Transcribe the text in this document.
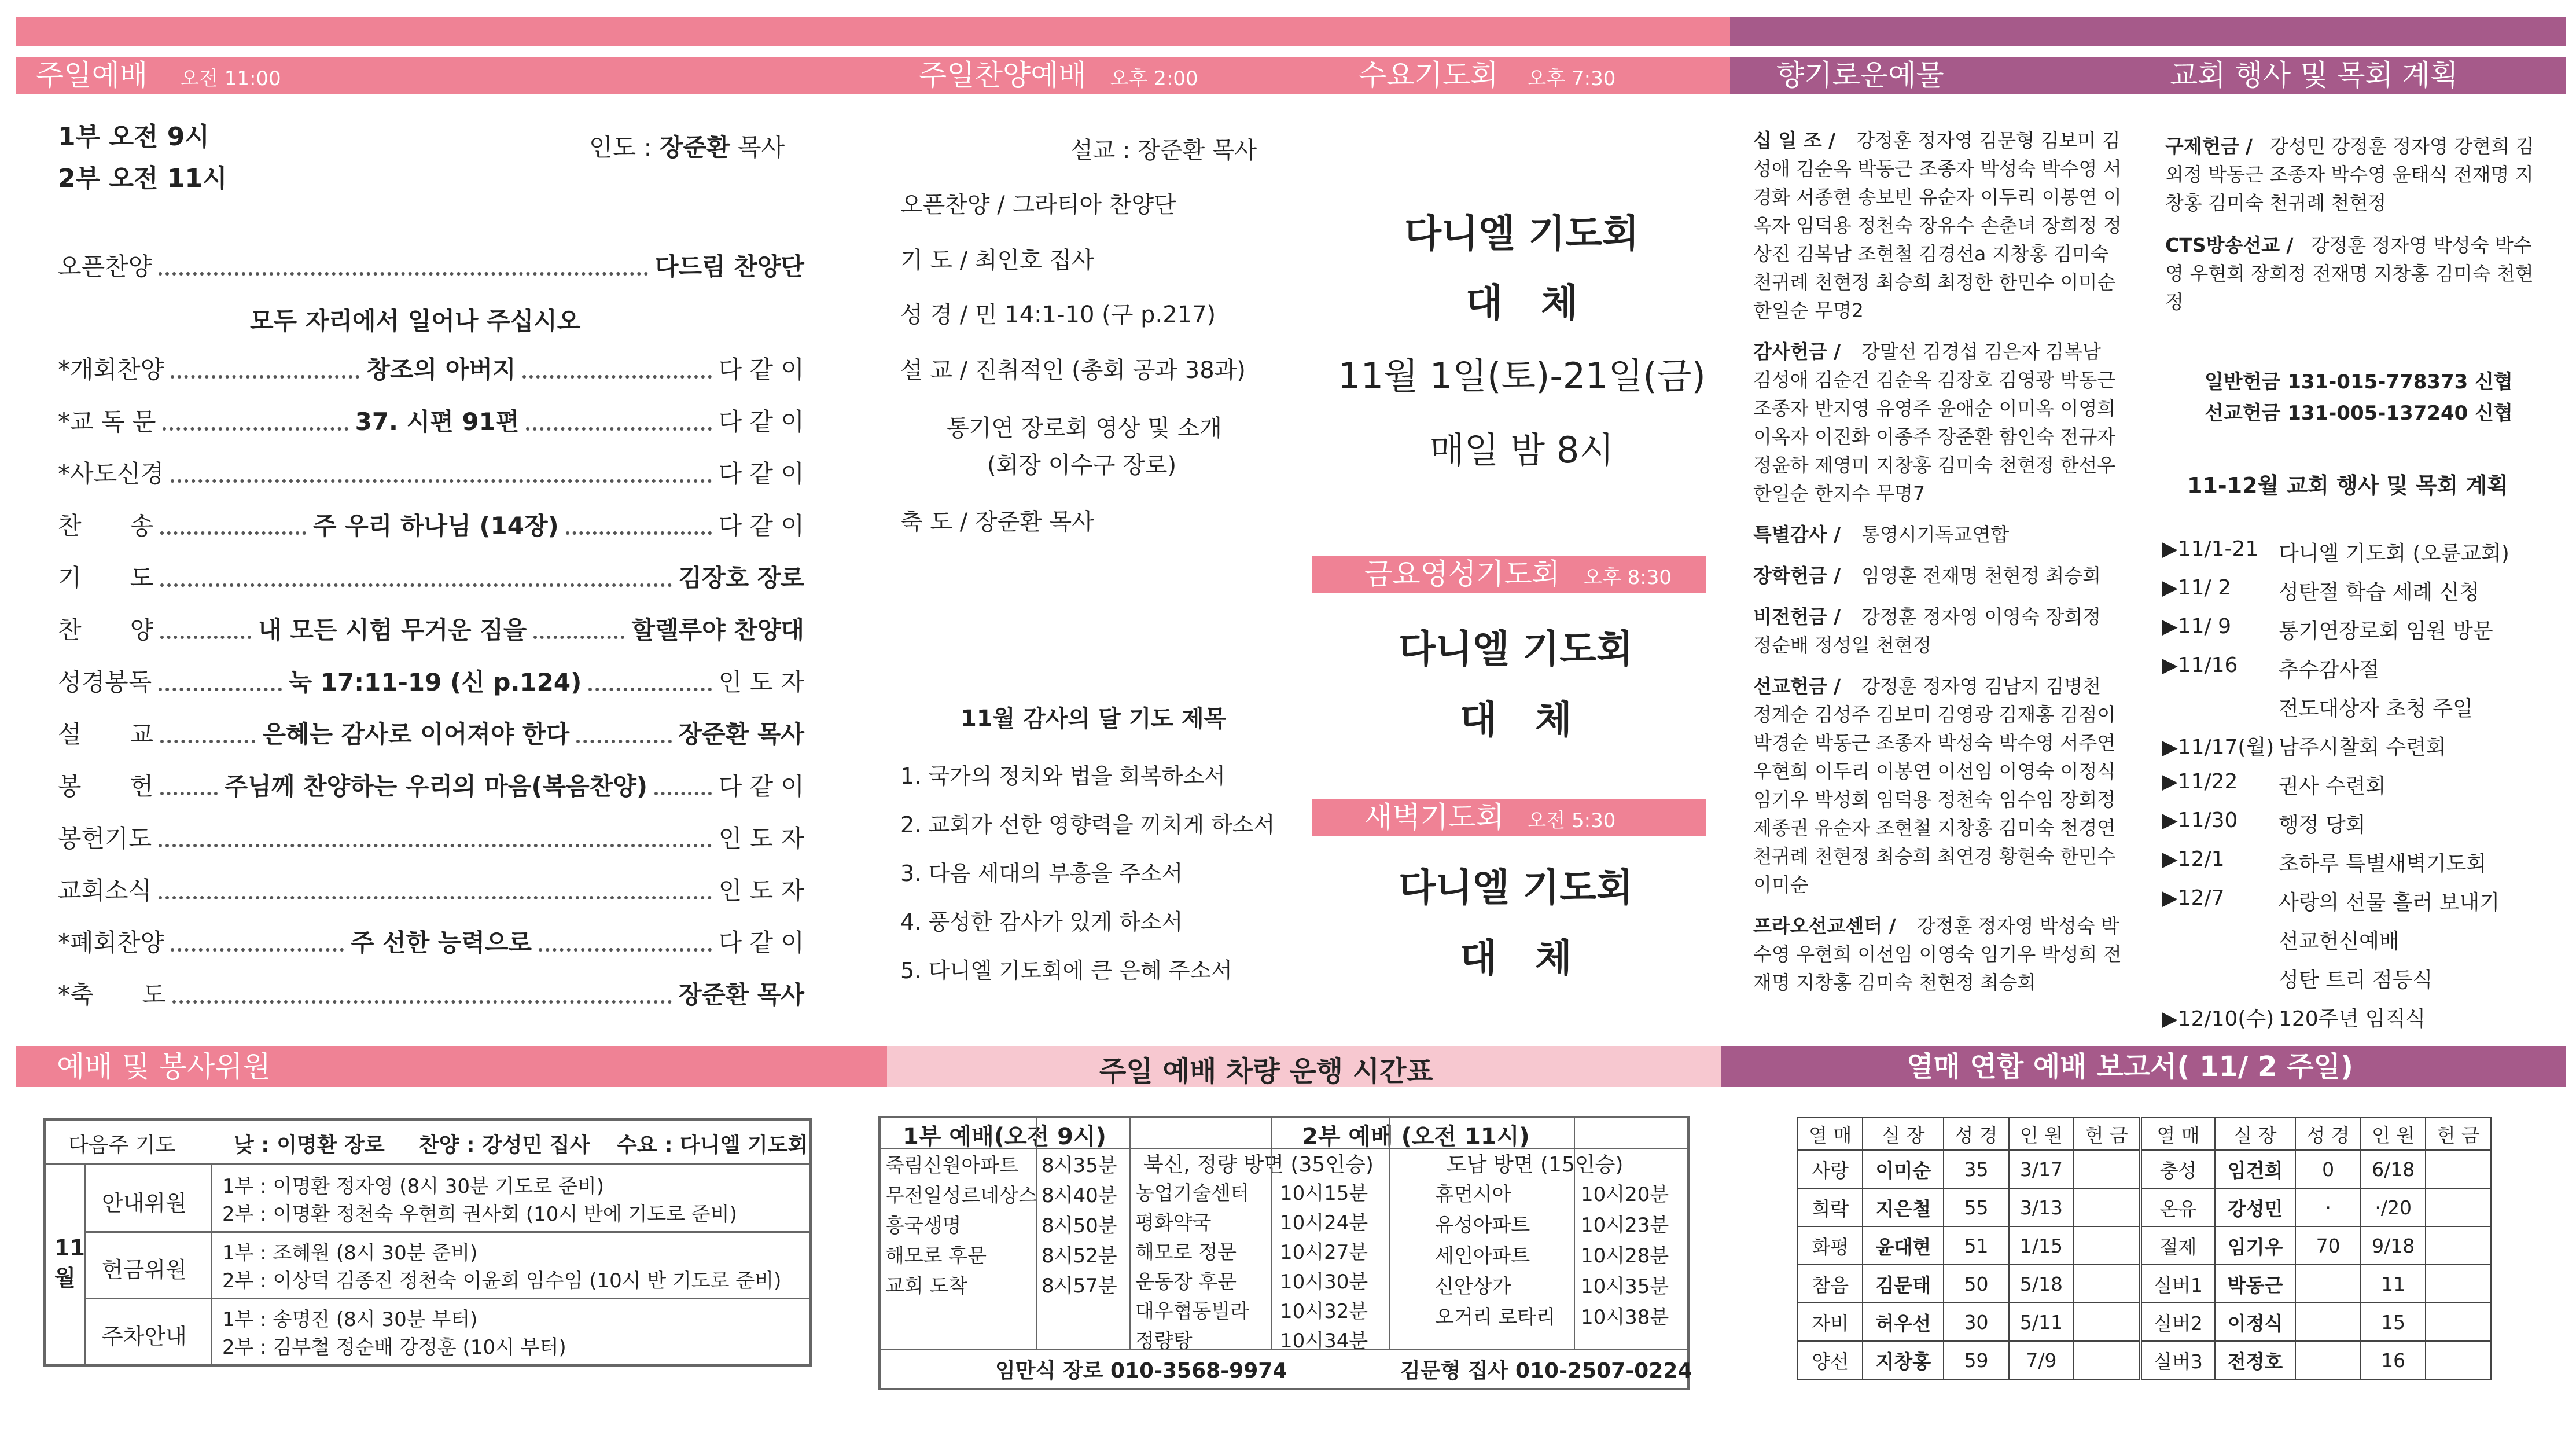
주일예배 오전 11:00	주일찬양예배 오후 2:00	수요기도회 오후 7:30	향기로운예물	교회 행사 및 목회 계획
1부 오전 9시
2부 오전 11시
인도 : 장준환 목사
오픈찬양	다드림 찬양단
*개회찬양	창조의 아버지	다 같 이
*교 독 문	37. 시편 91편	다 같 이
*사도신경	다 같 이
찬　　송	주 우리 하나님 (14장)	다 같 이
기　　도	김장호 장로
찬　　양	내 모든 시험 무거운 짐을	할렐루야 찬양대
성경봉독	눅 17:11-19 (신 p.124)	인 도 자
설　　교	은혜는 감사로 이어져야 한다	장준환 목사
봉　　헌	주님께 찬양하는 우리의 마음(복음찬양)	다 같 이
봉헌기도	인 도 자
교회소식	인 도 자
*폐회찬양	주 선한 능력으로	다 같 이
*축　　도	장준환 목사
모두 자리에서 일어나 주십시오
설교 : 장준환 목사
오픈찬양 / 그라티아 찬양단
기 도 / 최인호 집사
성 경 / 민 14:1-10 (구 p.217)
설 교 / 진취적인 (총회 공과 38과)
통기연 장로회 영상 및 소개
(회장 이수구 장로)
축 도 / 장준환 목사
11월 감사의 달 기도 제목
1. 국가의 정치와 법을 회복하소서
2. 교회가 선한 영향력을 끼치게 하소서
3. 다음 세대의 부흥을 주소서
4. 풍성한 감사가 있게 하소서
5. 다니엘 기도회에 큰 은혜 주소서
다니엘 기도회
대　체
11월 1일(토)-21일(금)
매일 밤 8시
금요영성기도회 오후 8:30
다니엘 기도회
대　체
새벽기도회 오전 5:30
다니엘 기도회
대　체
십 일 조 / 강정훈 정자영 김문형 김보미 김성애 김순옥 박동근 조종자 박성숙 박수영 서경화 서종현 송보빈 유순자 이두리 이봉연 이옥자 임덕용 정천숙 장유수 손춘녀 장희정 정상진 김복남 조현철 김경선a 지창홍 김미숙 천귀례 천현정 최승희 최정한 한민수 이미순 한일순 무명2
감사헌금 / 강말선 김경섭 김은자 김복남 김성애 김순건 김순옥 김장호 김영광 박동근 조종자 반지영 유영주 윤애순 이미옥 이영희 이옥자 이진화 이종주 장준환 함인숙 전규자 정윤하 제영미 지창홍 김미숙 천현정 한선우 한일순 한지수 무명7
특별감사 / 통영시기독교연합
장학헌금 / 임영훈 전재명 천현정 최승희
비전헌금 / 강정훈 정자영 이영숙 장희정 정순배 정성일 천현정
선교헌금 / 강정훈 정자영 김남지 김병천 정계순 김성주 김보미 김영광 김재홍 김점이 박경순 박동근 조종자 박성숙 박수영 서주연 우현희 이두리 이봉연 이선임 이영숙 이정식 임기우 박성희 임덕용 정천숙 임수임 장희정 제종권 유순자 조현철 지창홍 김미숙 천경연 천귀례 천현정 최승희 최연경 황현숙 한민수 이미순
프라오선교센터 / 강정훈 정자영 박성숙 박수영 우현희 이선임 이영숙 임기우 박성희 전재명 지창홍 김미숙 천현정 최승희
구제헌금 / 강성민 강정훈 정자영 강현희 김외정 박동근 조종자 박수영 윤태식 전재명 지창홍 김미숙 천귀례 천현정
CTS방송선교 / 강정훈 정자영 박성숙 박수영 우현희 장희정 전재명 지창홍 김미숙 천현정
일반헌금 131-015-778373 신협
선교헌금 131-005-137240 신협
11-12월 교회 행사 및 목회 계획
▶11/1-21 다니엘 기도회 (오륜교회)
▶11/ 2 성탄절 학습 세례 신청
▶11/ 9 통기연장로회 임원 방문
▶11/16 추수감사절
전도대상자 초청 주일
▶11/17(월) 남주시찰회 수련회
▶11/22 권사 수련회
▶11/30 행정 당회
▶12/1	초하루 특별새벽기도회
▶12/7	사랑의 선물 흘러 보내기
선교헌신예배
성탄 트리 점등식
▶12/10(수) 120주년 임직식
예배 및 봉사위원	주일 예배 차량 운행 시간표	열매 연합 예배 보고서( 11/ 2 주일)
다음주 기도	낮 : 이명환 장로 찬양 : 강성민 집사 수요 : 다니엘 기도회
11월
안내위원
1부 : 이명환 정자영 (8시 30분 기도로 준비)
2부 : 이명환 정천숙 우현희 권사회 (10시 반에 기도로 준비)
헌금위원
1부 : 조혜원 (8시 30분 준비)
2부 : 이상덕 김종진 정천숙 이윤희 임수임 (10시 반 기도로 준비)
주차안내
1부 : 송명진 (8시 30분 부터)
2부 : 김부철 정순배 강정훈 (10시 부터)
1부 예배(오전 9시)	2부 예배 (오전 11시)
북신, 정량 방면 (35인승)	도남 방면 (15인승)
죽림신원아파트 8시35분
무전일성르네상스 8시40분
흥국생명	8시50분
해모로 후문	8시52분
교회 도착	8시57분
농업기술센터 10시15분
평화약국	10시24분
해모로 정문 10시27분
운동장 후문 10시30분
대우협동빌라 10시32분
정량탕	10시34분
휴먼시아	10시20분
유성아파트	10시23분
세인아파트	10시28분
신안상가	10시35분
오거리 로타리 10시38분
임만식 장로 010-3568-9974	김문형 집사 010-2507-0224
열 매	실 장	성 경	인 원	헌 금	열 매	실 장	성 경	인 원	헌 금
사랑	이미순	35	3/17		충성	임건희	0	6/18	
희락	지은철	55	3/13		온유	강성민	·	·/20	
화평	윤대현	51	1/15		절제	임기우	70	9/18	
참음	김문태	50	5/18		실버1	박동근		11	
자비	허우선	30	5/11		실버2	이정식		15	
양선	지창홍	59	7/9		실버3	전정호		16	
